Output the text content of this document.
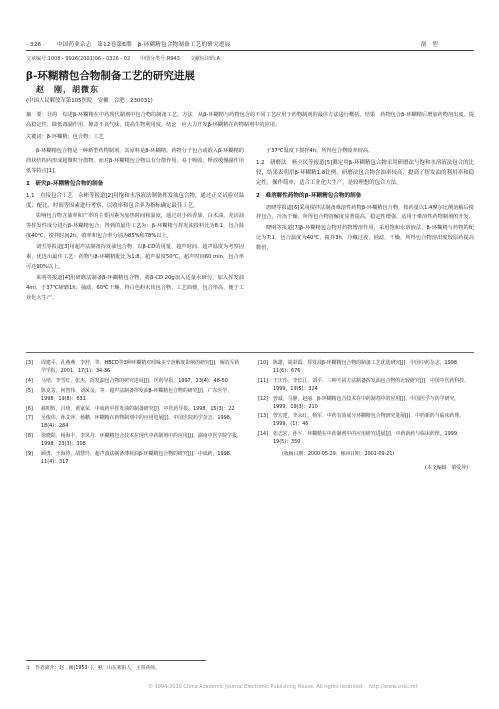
· 326 ·　　中国药业杂志　第12卷第6期　β-环糊精包合物制备工艺的研究进展	剂　型
文章编号:1008 - 9926(2001)06 - 0326 - 02　　中图分类号:R943　　文献标识码:A
β-环糊精包合物制备工艺的研究进展
赵　刚，胡微东
(中国人民解放军第105医院　安徽　合肥　230031)
摘　要：目的　综述β-环糊精在中药现代制剂中包合物的制备工艺。方法　从β-环糊精与药物包合的不同工艺应用于药物制剂的最佳方法进行概括。结果　药物包合β-环糊精后增加药物溶出度、提高稳定性、降低毒副作用、掩盖不良气味，提高生物利用度。结论　应大力开发β-环糊精在药物制剂中的应用。
关键词：β-环糊精；包合物；工艺

β-环糊精包合物是一种新型药物制剂，其原料是β-环糊精。药物分子包合或嵌入β-环糊精的筒状结构内形成超微粒分散物，而对β-环糊精包合物具有分散作用、易于吸收、释放缓慢副作用低等特点[1]。

1　研究β-环糊精包合物的制备
1.1　直接包合工艺　杂彬等报道[2]用饱和水溶液法制备挥发油包合物，通过正交试验对温度、配比、时间等因素进行考察，以收率和包合率为指标确定最佳工艺。

影响包合物含油率和产率的主要因素为加热时间和温度，通过对小茴香油、白术油、羌活油等挥发性成分进行β-环糊精包合，得到的最佳工艺为：β-环糊精与挥发油投料比为8:1，包合温度40℃，搅拌时间2h，收率和包合率分别为85%和78%以上。

刘雪等报道[3]用超声法制备挥发油包合物，以β-CD的用量、超声时间、超声温度为考察因素，优选出最佳工艺：药物与β-环糊精配比为1:8，超声温度50℃，超声时间60 min，包合率可达90%以上。

莱明等报道[4]用研磨法制备β-环糊精包合物，将β-CD 20g加入适量水研匀，加入挥发油4ml，于37℃研磨1h，抽滤，60℃干燥，得白色粉末状包合物，工艺简便，包合率高，便于工业化大生产。

于37℃温度下搅拌4h，所得包合物收率较高。

1.2　研磨法　杨立民等报道[5]测定用β-环糊精包合物采用研磨法与饱和水溶液法包合的比较，结果表明用β-环糊精1:8比例，研磨法包合物含油率较高，提高了挥发油的利用率和稳定性，操作简单，适合工业化大生产，是较理想的包合方法。
2　难溶解性药物的β-环糊精包合物的制备

唐晓等报道[6]采用搅拌法制备难溶性药物β-环糊精包合物，按药量以1:4摩尔比例溶解后搅拌包合，冷冻干燥，所得包合物溶解度显著提高，稳定性增强，适用于难溶性药物制剂的开发。

晓明等报道[7]β-环糊精包合物对药物增溶作用，采用饱和水溶液法，β-环糊精与药物的配比为7:1，包合温度为40℃，搅拌3h，冷藏过夜，抽滤，干燥，所得包合物溶出度较原药提高数倍。

[3] 周建平，孔燕燕，李舒，等．HBCD等3种环糊精对吲哚美辛溶解度影响的研究[J]．解放军药学学报，2001，17(1)：34-36
[4] 马靖，李雪红，张杰．挥发油包合物的研究进展[J]．医药导报，1997，23(4)：48-50
[5] 陈克芳，何智伟，刘凤金，等．超声法制备挥发油β-环糊精包合物的研究[J]．广东医学，1998，19(8)：631
[6] 郝明辉，吕琦，黄家荣．中成药中挥发油的制备研究[J]．中医药导报，1998，15(3)：22
[7] 吴俊伟，孙艾萍，杨鹏．环糊精在药物制剂中的应用进展[J]．中国医院药学杂志，1998，18(4)：284
[8] 徐晓阳，杨海丰，李凤丹．环糊精包合技术在现代中药制剂中的应用[J]．湖南中医学院学报，1998，23(3)：308
[9] 顾勇，王海涛，胡慧玲．超声波法制备薄荷油β-环糊精包合物的研究[J]．中成药，1998，11(4)：317
[10] 陈雄，胡彩霞．挥发油β-环糊精包合物的制备工艺优选研究[J]．中国中药杂志，1998，11(6)：676
[11] 王庆伟，李长江，刘平．三种不同方法制备挥发油包合物的比较研究[J]．中国中医药科技，1999，19(5)：324
[12] 曾诚，马静，赵丽．β-环糊精包合技术在中药制剂中的应用[J]．中国医学与药学研究，1999，19(3)：210
[13] 曾宏建，李永红，杨军．中药有效成分环糊精包合物研究进展[J]．中药新药与临床药理，1999，(1)：46
[14] 张志宏，孙平．环糊精在中药制剂中的应用研究进展[J]．中药新药与临床药理，1999，19(5)：350
(收稿日期：2000-05-29；修回日期：2001-09-21)
(本文编辑　梁爱萍)
①　作者简介：赵　刚(1953- )，男，山东莱阳人，主管药师。
© 1994-2010 China Academic Journal Electronic Publishing House. All rights reserved.　http://www.cnki.net
